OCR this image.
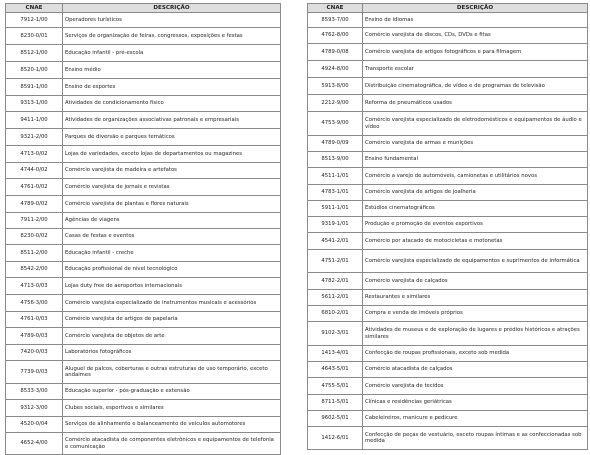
CNAE	DESCRIÇÃO
7912-1/00	Operadores turísticos
8230-0/01	Serviços de organização de feiras, congressos, exposições e festas
8512-1/00	Educação infantil - pré-escola
8520-1/00	Ensino médio
8591-1/00	Ensino de esportes
9313-1/00	Atividades de condicionamento físico
9411-1/00	Atividades de organizações associativas patronais e empresariais
9321-2/00	Parques de diversão e parques temáticos
4713-0/02	Lojas de variedades, exceto lojas de departamentos ou magazines
4744-0/02	Comércio varejista de madeira e artefatos
4761-0/02	Comércio varejista de jornais e revistas
4789-0/02	Comércio varejista de plantas e flores naturais
7911-2/00	Agências de viagens
8230-0/02	Casas de festas e eventos
8511-2/00	Educação infantil - creche
8542-2/00	Educação profissional de nível tecnológico
4713-0/03	Lojas duty free de aeroportos internacionais
4756-3/00	Comércio varejista especializado de instrumentos musicais e acessórios
4761-0/03	Comércio varejista de artigos de papelaria
4789-0/03	Comércio varejista de objetos de arte
7420-0/03	Laboratórios fotográficos
7739-0/03	Aluguel de palcos, coberturas e outras estruturas de uso temporário, exceto andaimes
8533-3/00	Educação superior - pós-graduação e extensão
9312-3/00	Clubes sociais, esportivos e similares
4520-0/04	Serviços de alinhamento e balanceamento de veículos automotores
4652-4/00	Comércio atacadista de componentes eletrônicos e equipamentos de telefonia e comunicação
CNAE	DESCRIÇÃO
8593-7/00	Ensino de idiomas
4762-8/00	Comércio varejista de discos, CDs, DVDs e fitas
4789-0/08	Comércio varejista de artigos fotográficos e para filmagem
4924-8/00	Transporte escolar
5913-8/00	Distribuição cinematográfica, de vídeo e de programas de televisão
2212-9/00	Reforma de pneumáticos usados
4753-9/00	Comércio varejista especializado de eletrodomésticos e equipamentos de áudio e vídeo
4789-0/09	Comércio varejista de armas e munições
8513-9/00	Ensino fundamental
4511-1/01	Comércio a varejo de automóveis, camionetas e utilitários novos
4783-1/01	Comércio varejista de artigos de joalheria
5911-1/01	Estúdios cinematográficos
9319-1/01	Produção e promoção de eventos esportivos
4541-2/01	Comércio por atacado de motocicletas e motonetas
4751-2/01	Comércio varejista especializado de equipamentos e suprimentos de informática
4782-2/01	Comércio varejista de calçados
5611-2/01	Restaurantes e similares
6810-2/01	Compra e venda de imóveis próprios
9102-3/01	Atividades de museus e de exploração de lugares e prédios históricos e atrações similares
1413-4/01	Confecção de roupas profissionais, exceto sob medida
4643-5/01	Comércio atacadista de calçados
4755-5/01	Comércio varejista de tecidos
8711-5/01	Clínicas e residências geriátricas
9602-5/01	Cabeleireiros, manicure e pedicure
1412-6/01	Confecção de peças de vestuário, exceto roupas íntimas e as confeccionadas sob medida
